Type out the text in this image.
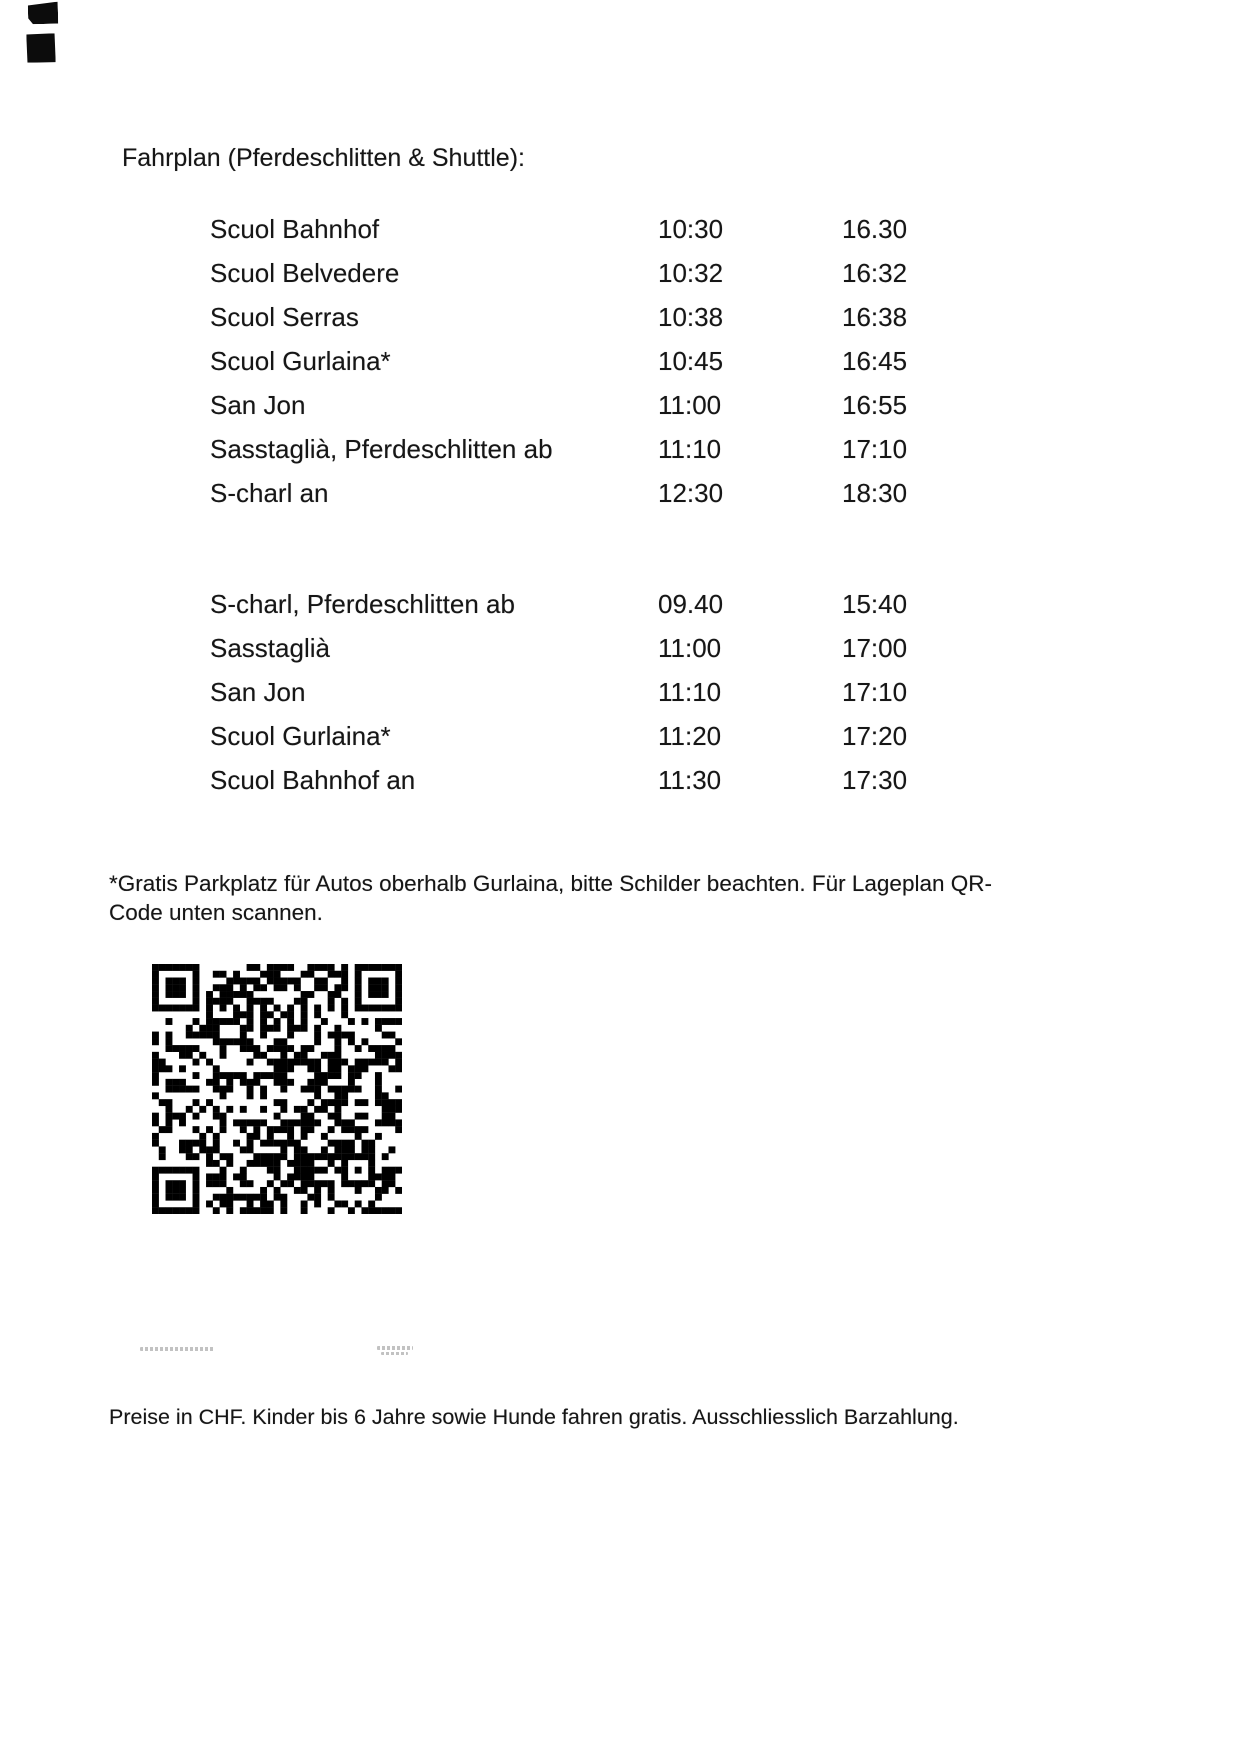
Fahrplan (Pferdeschlitten & Shuttle):
Scuol Bahnhof	10:30	16.30
Scuol Belvedere	10:32	16:32
Scuol Serras	10:38	16:38
Scuol Gurlaina*	10:45	16:45
San Jon	11:00	16:55
Sasstaglià, Pferdeschlitten ab	11:10	17:10
S-charl an	12:30	18:30
S-charl, Pferdeschlitten ab	09.40	15:40
Sasstaglià	11:00	17:00
San Jon	11:10	17:10
Scuol Gurlaina*	11:20	17:20
Scuol Bahnhof an	11:30	17:30
*Gratis Parkplatz für Autos oberhalb Gurlaina, bitte Schilder beachten. Für Lageplan QR-
Code unten scannen.
Preise in CHF. Kinder bis 6 Jahre sowie Hunde fahren gratis. Ausschliesslich Barzahlung.
